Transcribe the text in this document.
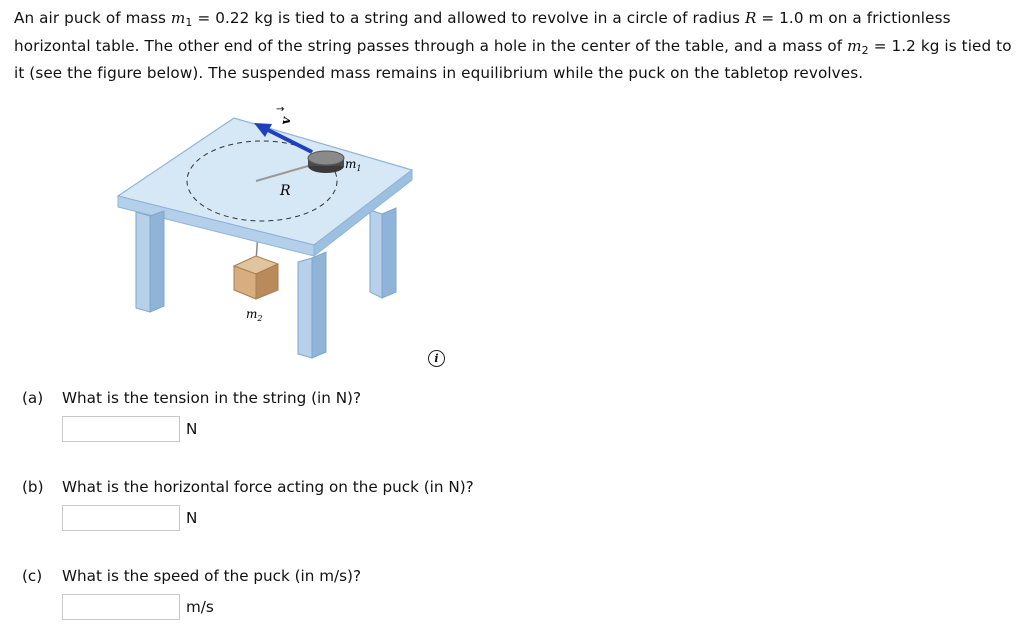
An air puck of mass $m_1 = 0.22$ kg is tied to a string and allowed to revolve in a circle of radius R = 1.0 m on a frictionless horizontal table. The other end of the string passes through a hole in the center of the table, and a mass of $m_2 = 1.2$ kg is tied to it (see the figure below). The suspended mass remains in equilibrium while the puck on the tabletop revolves.
v
→
$m_1$
R
$m_2$
i
(a)	What is the tension in the string (in N)?
N
(b)	What is the horizontal force acting on the puck (in N)?
N
(c)	What is the speed of the puck (in m/s)?
m/s
